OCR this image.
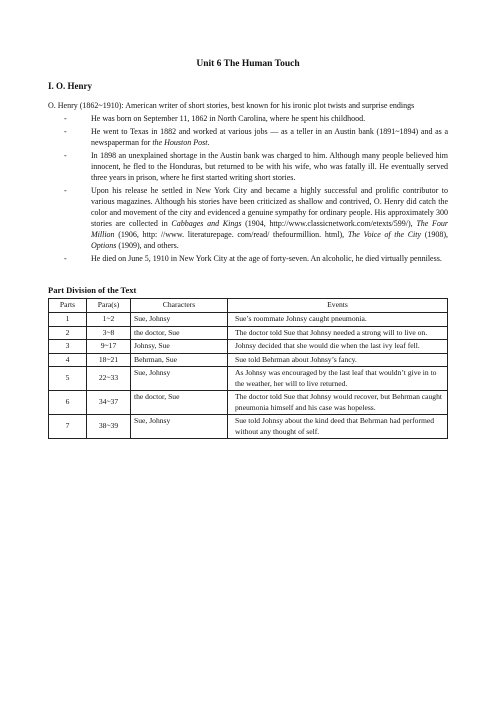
Unit 6 The Human Touch
I. O. Henry

O. Henry (1862~1910): American writer of short stories, best known for his ironic plot twists and surprise endings

-	He was born on September 11, 1862 in North Carolina, where he spent his childhood.
-	He went to Texas in 1882 and worked at various jobs — as a teller in an Austin bank (1891~1894) and as a newspaperman for the Houston Post.
-	In 1898 an unexplained shortage in the Austin bank was charged to him. Although many people believed him innocent, he fled to the Honduras, but returned to be with his wife, who was fatally ill. He eventually served three years in prison, where he first started writing short stories.
-	Upon his release he settled in New York City and became a highly successful and prolific contributor to various magazines. Although his stories have been criticized as shallow and contrived, O. Henry did catch the color and movement of the city and evidenced a genuine sympathy for ordinary people. His approximately 300 stories are collected in Cabbages and Kings (1904, http://www.classicnetwork.com/etexts/599/), The Four Million (1906, http: //www. literaturepage. com/read/ thefourmillion. html), The Voice of the City (1908), Options (1909), and others.
-	He died on June 5, 1910 in New York City at the age of forty-seven. An alcoholic, he died virtually penniless.
Part Division of the Text
Parts	Para(s)	Characters	Events
1	1~2	Sue, Johnsy	Sue’s roommate Johnsy caught pneumonia.
2	3~8	the doctor, Sue	The doctor told Sue that Johnsy needed a strong will to live on.
3	9~17	Johnsy, Sue	Johnsy decided that she would die when the last ivy leaf fell.
4	18~21	Behrman, Sue	Sue told Behrman about Johnsy’s fancy.
5	22~33	Sue, Johnsy	As Johnsy was encouraged by the last leaf that wouldn’t give in to the weather, her will to live returned.
6	34~37	the doctor, Sue	The doctor told Sue that Johnsy would recover, but Behrman caught pneumonia himself and his case was hopeless.
7	38~39	Sue, Johnsy	Sue told Johnsy about the kind deed that Behrman had performed without any thought of self.
